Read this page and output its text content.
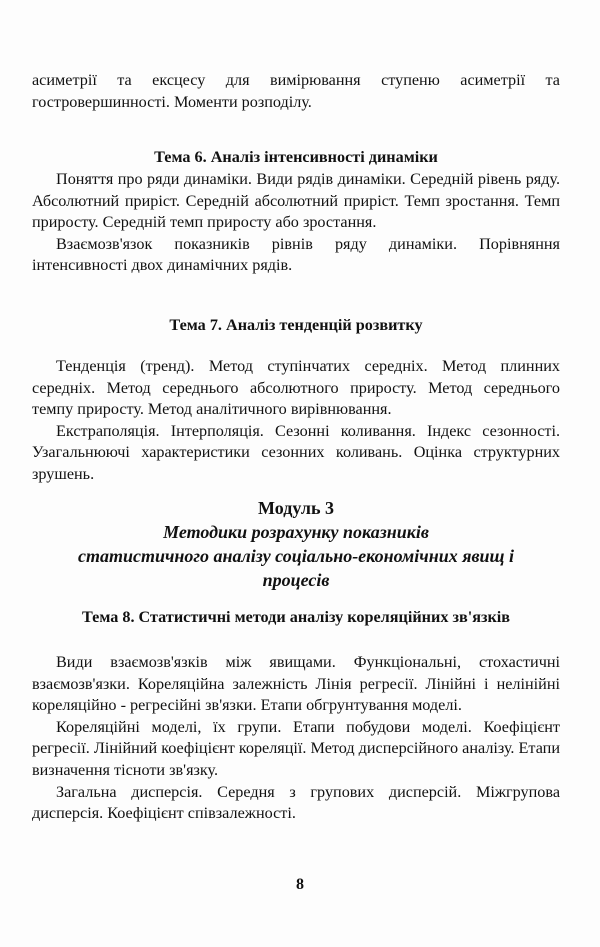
асиметрії та ексцесу для вимірювання ступеню асиметрії та гостровершинності. Моменти розподілу.

Тема 6. Аналіз інтенсивності динаміки

Поняття про ряди динаміки. Види рядів динаміки. Середній рівень ряду. Абсолютний приріст. Середній абсолютний приріст. Темп зростання. Темп приросту. Середній темп приросту або зростання.

Взаємозв'язок показників рівнів ряду динаміки. Порівняння інтенсивності двох динамічних рядів.

Тема 7. Аналіз тенденцій розвитку

Тенденція (тренд). Метод ступінчатих середніх. Метод плинних середніх. Метод середнього абсолютного приросту. Метод середнього темпу приросту. Метод аналітичного вирівнювання.

Екстраполяція. Інтерполяція. Сезонні коливання. Індекс сезонності. Узагальнюючі характеристики сезонних коливань. Оцінка структурних зрушень.

Модуль 3
Методики розрахунку показників
статистичного аналізу соціально-економічних явищ і
процесів
Тема 8. Статистичні методи аналізу кореляційних зв'язків

Види взаємозв'язків між явищами. Функціональні, стохастичні взаємозв'язки. Кореляційна залежність Лінія регресії. Лінійні і нелінійні кореляційно - регресійні зв'язки. Етапи обгрунтування моделі.

Кореляційні моделі, їх групи. Етапи побудови моделі. Коефіцієнт регресії. Лінійний коефіцієнт кореляції. Метод дисперсійного аналізу. Етапи визначення тісноти зв'язку.

Загальна дисперсія. Середня з групових дисперсій. Міжгрупова дисперсія. Коефіцієнт співзалежності.

8
